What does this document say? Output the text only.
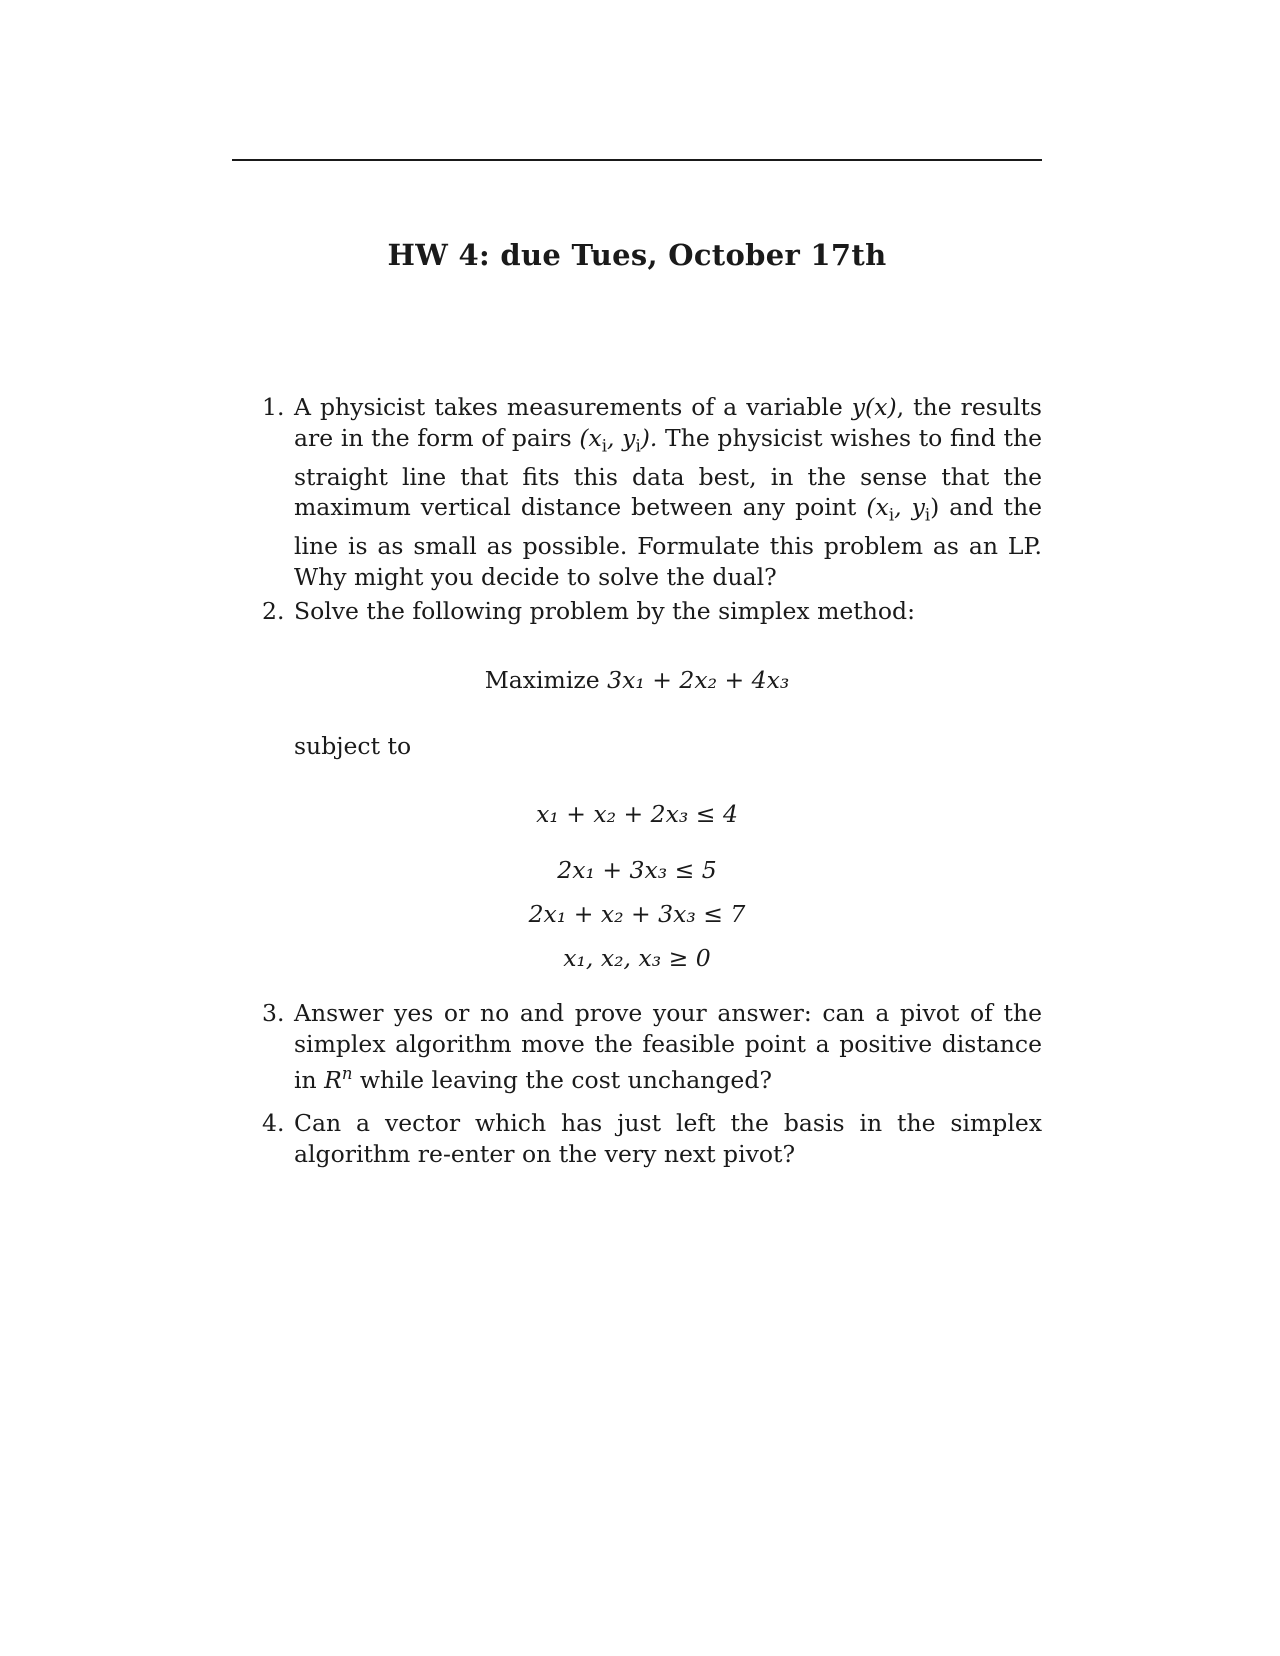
HW 4: due Tues, October 17th
1. A physicist takes measurements of a variable y(x), the results are in the form of pairs ($x_i$, $y_i$). The physicist wishes to find the straight line that fits this data best, in the sense that the maximum vertical distance between any point ($x_i$, $y_i$) and the line is as small as possible. Formulate this problem as an LP. Why might you decide to solve the dual?
2. Solve the following problem by the simplex method:
Maximize 3x₁ + 2x₂ + 4x₃
subject to
x₁ + x₂ + 2x₃ ≤ 4
2x₁ + 3x₃ ≤ 5
2x₁ + x₂ + 3x₃ ≤ 7
x₁, x₂, x₃ ≥ 0
3. Answer yes or no and prove your answer: can a pivot of the simplex algorithm move the feasible point a positive distance in $R^n$ while leaving the cost unchanged?
4. Can a vector which has just left the basis in the simplex algorithm re-enter on the very next pivot?
